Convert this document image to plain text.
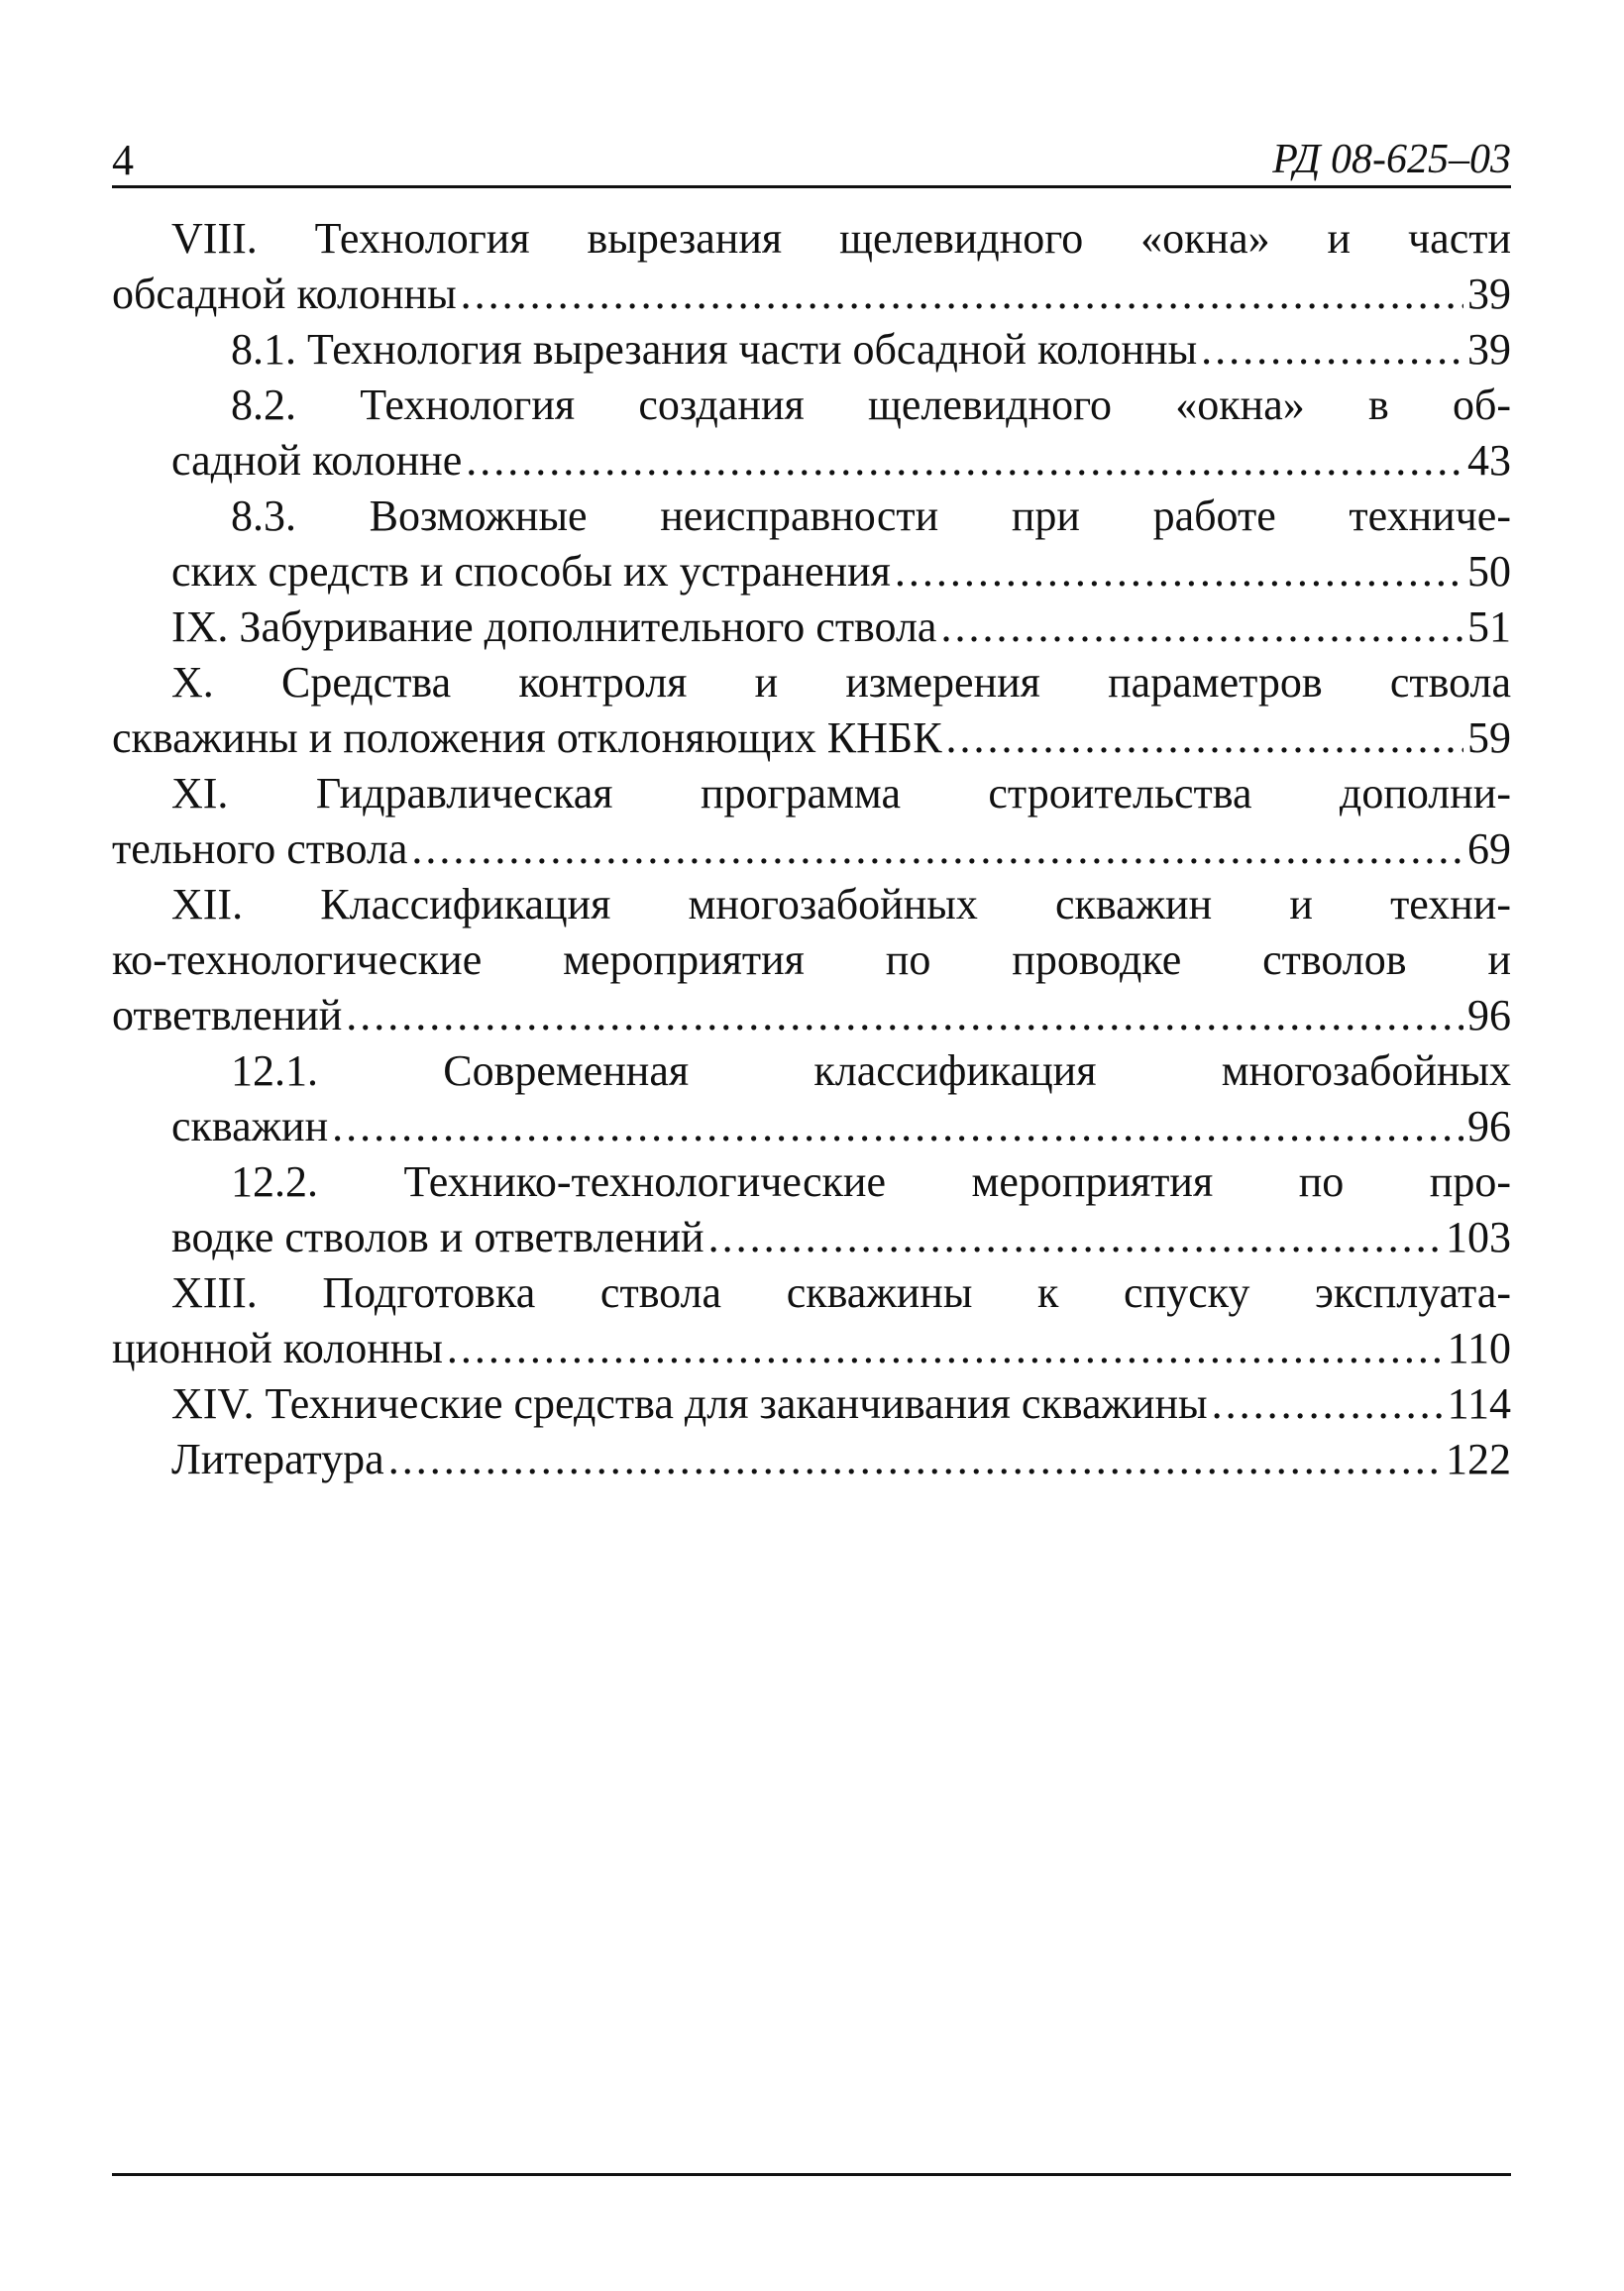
4	РД 08-625–03
VIII. Технология вырезания щелевидного «окна» и части
обсадной колонны .....	39
8.1. Технология вырезания части обсадной колонны .....	39
8.2. Технология создания щелевидного «окна» в об-
садной колонне .....	43
8.3. Возможные неисправности при работе техниче-
ских средств и способы их устранения .....	50
IX. Забуривание дополнительного ствола .....	51
X. Средства контроля и измерения параметров ствола
скважины и положения отклоняющих КНБК .....	59
XI. Гидравлическая программа строительства дополни-
тельного ствола .....	69
XII. Классификация многозабойных скважин и техни-
ко-технологические мероприятия по проводке стволов и
ответвлений .....	96
12.1. Современная классификация многозабойных
скважин .....	96
12.2. Технико-технологические мероприятия по про-
водке стволов и ответвлений .....	103
XIII. Подготовка ствола скважины к спуску эксплуата-
ционной колонны .....	110
XIV. Технические средства для заканчивания скважины .....	114
Литература .....	122
